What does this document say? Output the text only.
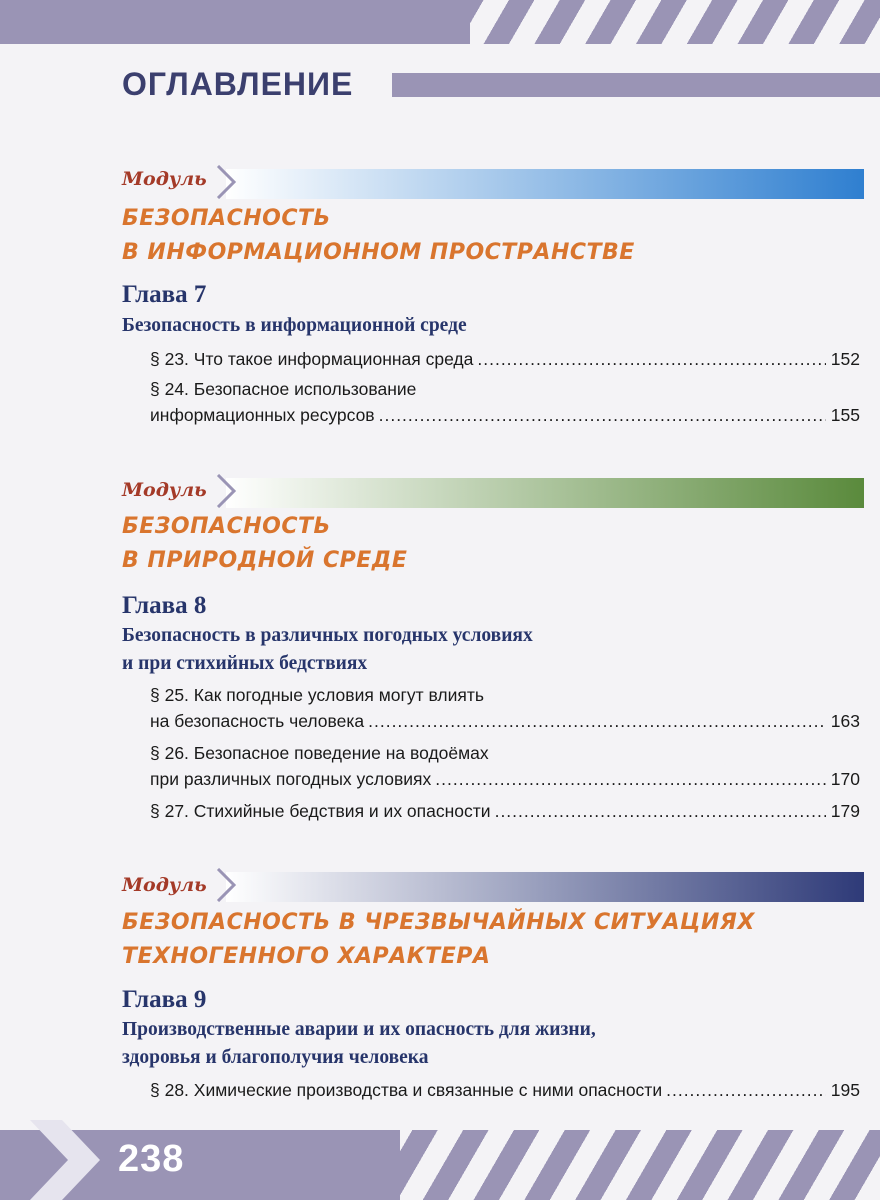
ОГЛАВЛЕНИЕ
Модуль
БЕЗОПАСНОСТЬ
В ИНФОРМАЦИОННОМ ПРОСТРАНСТВЕ
Глава 7
Безопасность в информационной среде
§ 23. Что такое информационная среда .....	152
§ 24. Безопасное использование
информационных ресурсов .....	155
Модуль
БЕЗОПАСНОСТЬ
В ПРИРОДНОЙ СРЕДЕ
Глава 8
Безопасность в различных погодных условиях
и при стихийных бедствиях
§ 25. Как погодные условия могут влиять
на безопасность человека .....	163
§ 26. Безопасное поведение на водоёмах
при различных погодных условиях .....	170
§ 27. Стихийные бедствия и их опасности .....	179
Модуль
БЕЗОПАСНОСТЬ В ЧРЕЗВЫЧАЙНЫХ СИТУАЦИЯХ
ТЕХНОГЕННОГО ХАРАКТЕРА
Глава 9
Производственные аварии и их опасность для жизни,
здоровья и благополучия человека
§ 28. Химические производства и связанные с ними опасности .....	195
238
